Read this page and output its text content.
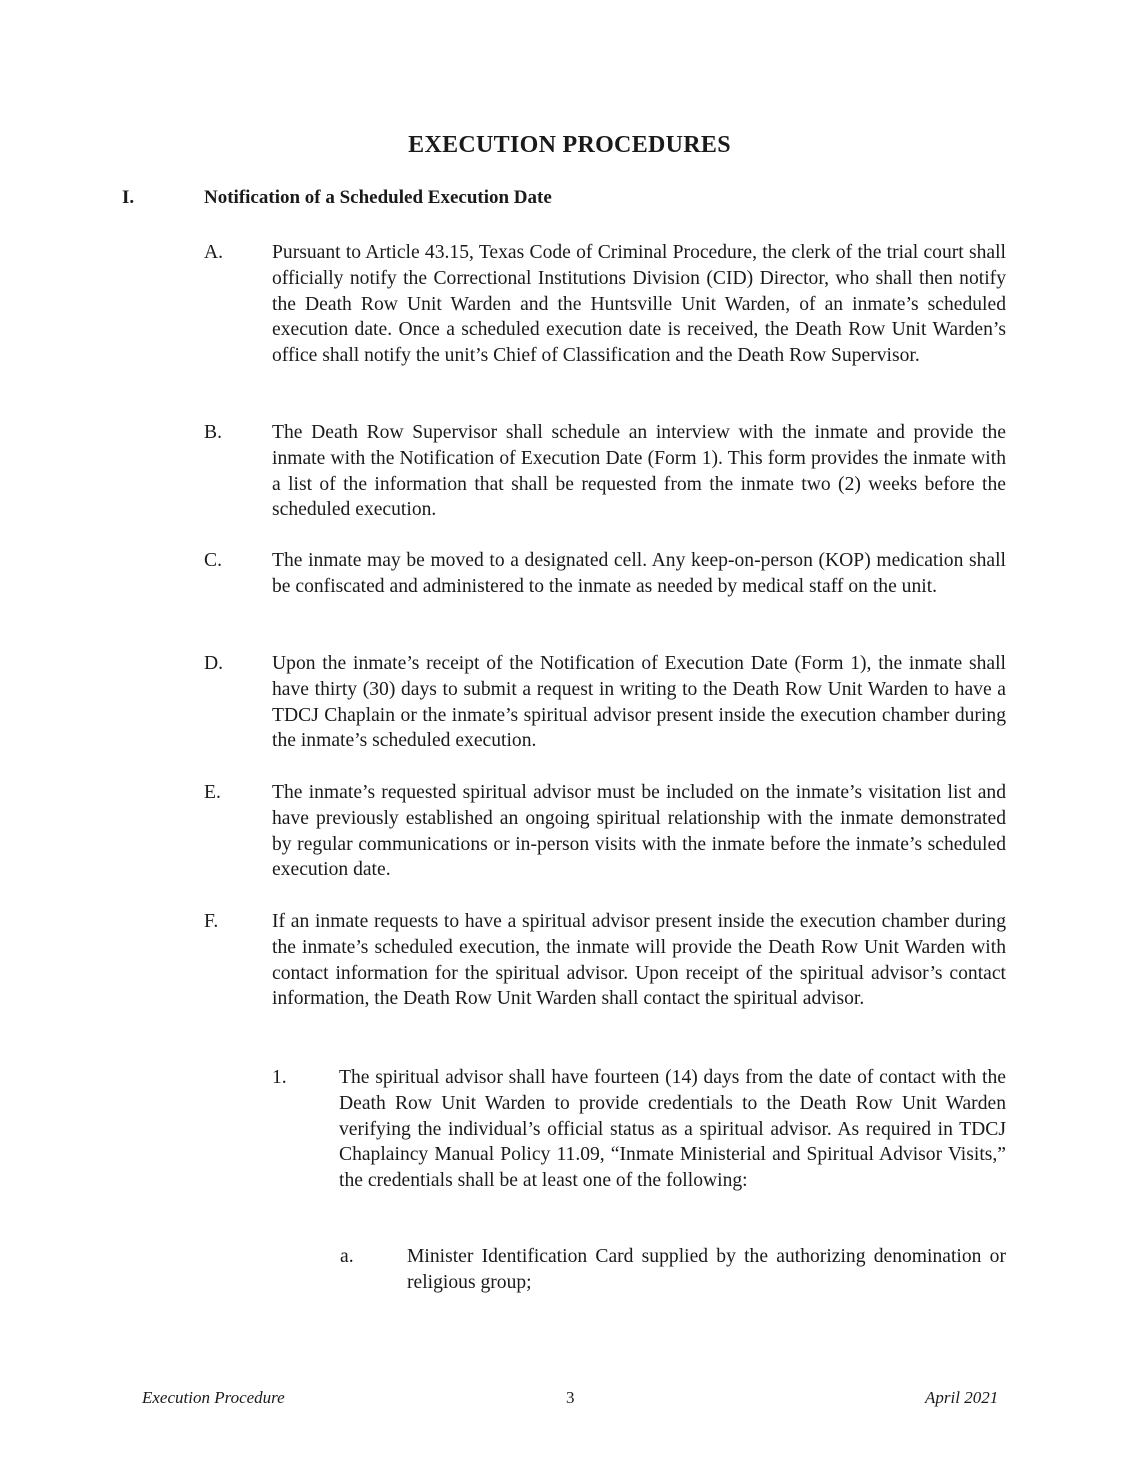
EXECUTION PROCEDURES
I.	Notification of a Scheduled Execution Date
A. Pursuant to Article 43.15, Texas Code of Criminal Procedure, the clerk of the trial court shall officially notify the Correctional Institutions Division (CID) Director, who shall then notify the Death Row Unit Warden and the Huntsville Unit Warden, of an inmate’s scheduled execution date. Once a scheduled execution date is received, the Death Row Unit Warden’s office shall notify the unit’s Chief of Classification and the Death Row Supervisor.
B.	The Death Row Supervisor shall schedule an interview with the inmate and provide the inmate with the Notification of Execution Date (Form 1). This form provides the inmate with a list of the information that shall be requested from the inmate two (2) weeks before the scheduled execution.
C.	The inmate may be moved to a designated cell. Any keep-on-person (KOP) medication shall be confiscated and administered to the inmate as needed by medical staff on the unit.
D. Upon the inmate’s receipt of the Notification of Execution Date (Form 1), the inmate shall have thirty (30) days to submit a request in writing to the Death Row Unit Warden to have a TDCJ Chaplain or the inmate’s spiritual advisor present inside the execution chamber during the inmate’s scheduled execution.
E.	The inmate’s requested spiritual advisor must be included on the inmate’s visitation list and have previously established an ongoing spiritual relationship with the inmate demonstrated by regular communications or in-person visits with the inmate before the inmate’s scheduled execution date.
F.	If an inmate requests to have a spiritual advisor present inside the execution chamber during the inmate’s scheduled execution, the inmate will provide the Death Row Unit Warden with contact information for the spiritual advisor. Upon receipt of the spiritual advisor’s contact information, the Death Row Unit Warden shall contact the spiritual advisor.
1.	The spiritual advisor shall have fourteen (14) days from the date of contact with the Death Row Unit Warden to provide credentials to the Death Row Unit Warden verifying the individual’s official status as a spiritual advisor. As required in TDCJ Chaplaincy Manual Policy 11.09, “Inmate Ministerial and Spiritual Advisor Visits,” the credentials shall be at least one of the following:
a.	Minister Identification Card supplied by the authorizing denomination or religious group;
Execution Procedure	3	April 2021
